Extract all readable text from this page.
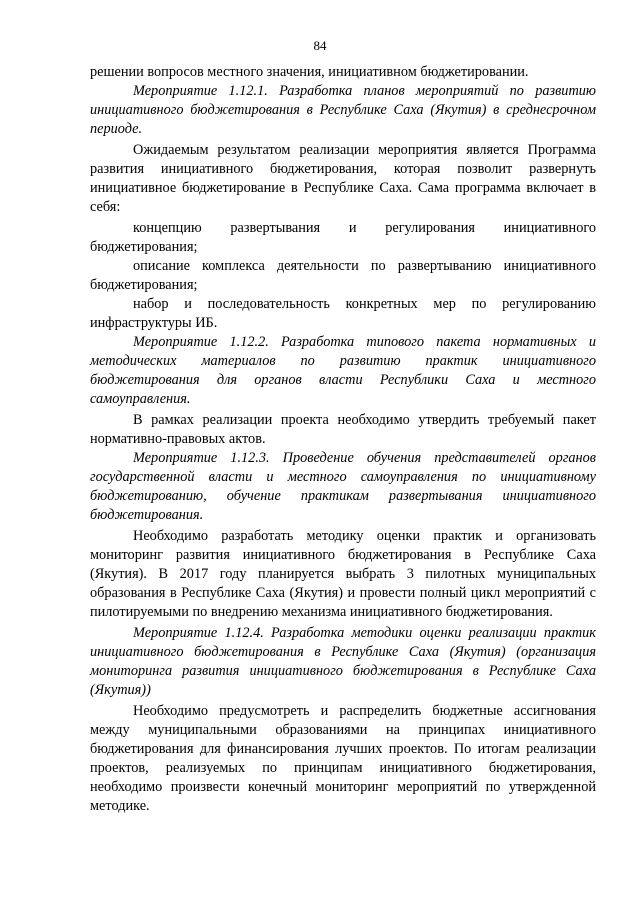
84

решении вопросов местного значения, инициативном бюджетировании.

Мероприятие 1.12.1. Разработка планов мероприятий по развитию инициативного бюджетирования в Республике Саха (Якутия) в среднесрочном периоде.

Ожидаемым результатом реализации мероприятия является Программа развития инициативного бюджетирования, которая позволит развернуть инициативное бюджетирование в Республике Саха. Сама программа включает в себя:

концепцию развертывания и регулирования инициативного бюджетирования;

описание комплекса деятельности по развертыванию инициативного бюджетирования;

набор и последовательность конкретных мер по регулированию инфраструктуры ИБ.

Мероприятие 1.12.2. Разработка типового пакета нормативных и методических материалов по развитию практик инициативного бюджетирования для органов власти Республики Саха и местного самоуправления.

В рамках реализации проекта необходимо утвердить требуемый пакет нормативно-правовых актов.

Мероприятие 1.12.3. Проведение обучения представителей органов государственной власти и местного самоуправления по инициативному бюджетированию, обучение практикам развертывания инициативного бюджетирования.

Необходимо разработать методику оценки практик и организовать мониторинг развития инициативного бюджетирования в Республике Саха (Якутия). В 2017 году планируется выбрать 3 пилотных муниципальных образования в Республике Саха (Якутия) и провести полный цикл мероприятий с пилотируемыми по внедрению механизма инициативного бюджетирования.

Мероприятие 1.12.4. Разработка методики оценки реализации практик инициативного бюджетирования в Республике Саха (Якутия) (организация мониторинга развития инициативного бюджетирования в Республике Саха (Якутия))

Необходимо предусмотреть и распределить бюджетные ассигнования между муниципальными образованиями на принципах инициативного бюджетирования для финансирования лучших проектов. По итогам реализации проектов, реализуемых по принципам инициативного бюджетирования, необходимо произвести конечный мониторинг мероприятий по утвержденной методике.
